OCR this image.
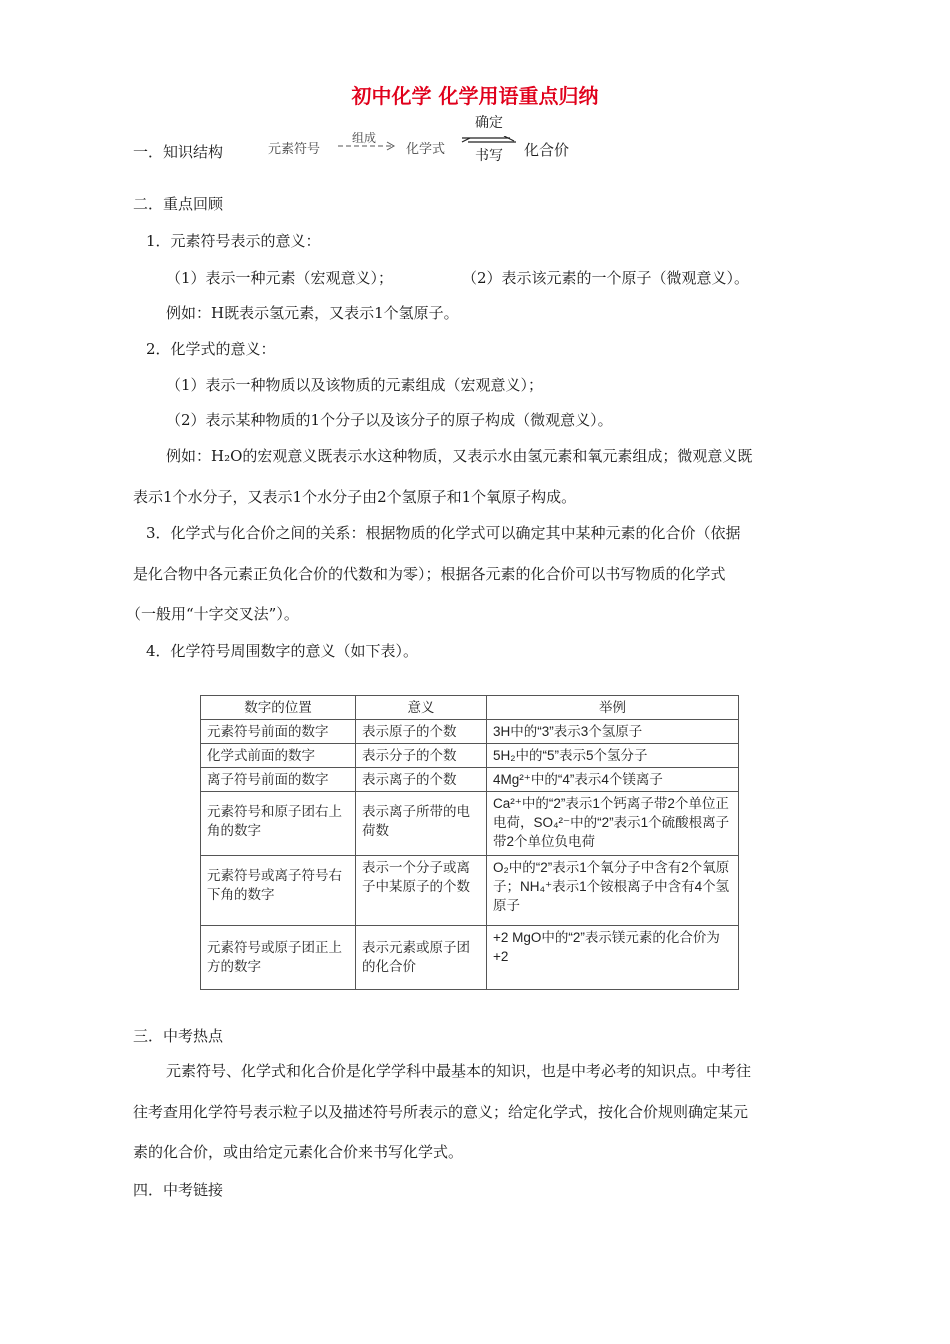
初中化学 化学用语重点归纳
一．知识结构	元素符号
组成
化学式
确定
书写	化合价
二．重点回顾
1．元素符号表示的意义：
（1）表示一种元素（宏观意义）；	（2）表示该元素的一个原子（微观意义）。
例如：H既表示氢元素，又表示1个氢原子。
2．化学式的意义：
（1）表示一种物质以及该物质的元素组成（宏观意义）；
（2）表示某种物质的1个分子以及该分子的原子构成（微观意义）。
例如：H₂O的宏观意义既表示水这种物质，又表示水由氢元素和氧元素组成；微观意义既
表示1个水分子，又表示1个水分子由2个氢原子和1个氧原子构成。
3．化学式与化合价之间的关系：根据物质的化学式可以确定其中某种元素的化合价（依据
是化合物中各元素正负化合价的代数和为零）；根据各元素的化合价可以书写物质的化学式
（一般用“十字交叉法”）。
4．化学符号周围数字的意义（如下表）。
数字的位置	意义	举例
元素符号前面的数字	表示原子的个数	3H中的“3”表示3个氢原子
化学式前面的数字	表示分子的个数	5H₂中的“5”表示5个氢分子
离子符号前面的数字	表示离子的个数	4Mg²⁺中的“4”表示4个镁离子
元素符号和原子团右上角的数字	表示离子所带的电荷数	Ca²⁺中的“2”表示1个钙离子带2个单位正电荷，SO₄²⁻中的“2”表示1个硫酸根离子带2个单位负电荷
元素符号或离子符号右下角的数字	表示一个分子或离子中某原子的个数	O₂中的“2”表示1个氧分子中含有2个氧原子；NH₄⁺表示1个铵根离子中含有4个氢原子
元素符号或原子团正上方的数字	表示元素或原子团的化合价	+2 MgO中的“2”表示镁元素的化合价为+2
三．中考热点
元素符号、化学式和化合价是化学学科中最基本的知识，也是中考必考的知识点。中考往
往考查用化学符号表示粒子以及描述符号所表示的意义；给定化学式，按化合价规则确定某元
素的化合价，或由给定元素化合价来书写化学式。
四．中考链接
